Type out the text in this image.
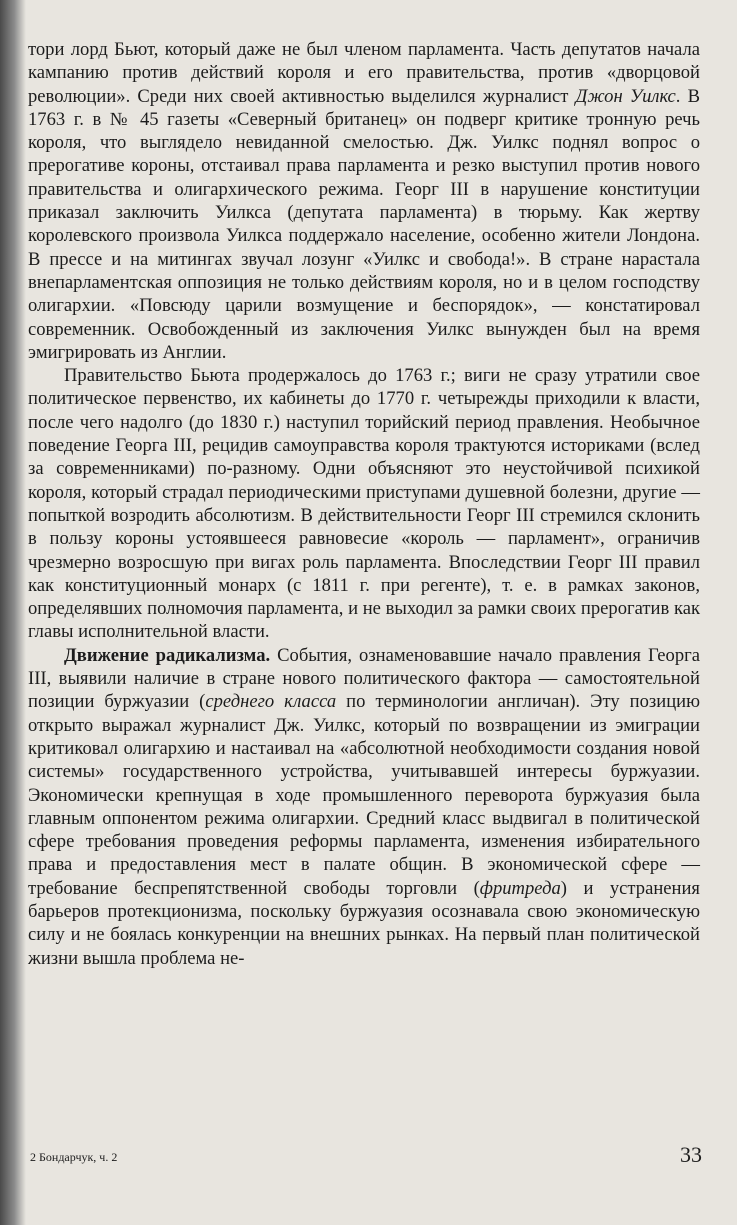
тори лорд Бьют, который даже не был членом парламента. Часть депутатов начала кампанию против действий короля и его правительства, против «дворцовой революции». Среди них своей активностью выделился журналист Джон Уилкс. В 1763 г. в № 45 газеты «Северный британец» он подверг критике тронную речь короля, что выглядело невиданной смелостью. Дж. Уилкс поднял вопрос о прерогативе короны, отстаивал права парламента и резко выступил против нового правительства и олигархического режима. Георг III в нарушение конституции приказал заключить Уилкса (депутата парламента) в тюрьму. Как жертву королевского произвола Уилкса поддержало население, особенно жители Лондона. В прессе и на митингах звучал лозунг «Уилкс и свобода!». В стране нарастала внепарламентская оппозиция не только действиям короля, но и в целом господству олигархии. «Повсюду царили возмущение и беспорядок», — констатировал современник. Освобожденный из заключения Уилкс вынужден был на время эмигрировать из Англии.

Правительство Бьюта продержалось до 1763 г.; виги не сразу утратили свое политическое первенство, их кабинеты до 1770 г. четырежды приходили к власти, после чего надолго (до 1830 г.) наступил торийский период правления. Необычное поведение Георга III, рецидив самоуправства короля трактуются историками (вслед за современниками) по-разному. Одни объясняют это неустойчивой психикой короля, который страдал периодическими приступами душевной болезни, другие — попыткой возродить абсолютизм. В действительности Георг III стремился склонить в пользу короны устоявшееся равновесие «король — парламент», ограничив чрезмерно возросшую при вигах роль парламента. Впоследствии Георг III правил как конституционный монарх (с 1811 г. при регенте), т. е. в рамках законов, определявших полномочия парламента, и не выходил за рамки своих прерогатив как главы исполнительной власти.

Движение радикализма. События, ознаменовавшие начало правления Георга III, выявили наличие в стране нового политического фактора — самостоятельной позиции буржуазии (среднего класса по терминологии англичан). Эту позицию открыто выражал журналист Дж. Уилкс, который по возвращении из эмиграции критиковал олигархию и настаивал на «абсолютной необходимости создания новой системы» государственного устройства, учитывавшей интересы буржуазии. Экономически крепнущая в ходе промышленного переворота буржуазия была главным оппонентом режима олигархии. Средний класс выдвигал в политической сфере требования проведения реформы парламента, изменения избирательного права и предоставления мест в палате общин. В экономической сфере — требование беспрепятственной свободы торговли (фритреда) и устранения барьеров протекционизма, поскольку буржуазия осознавала свою экономическую силу и не боялась конкуренции на внешних рынках. На первый план политической жизни вышла проблема не-

2 Бондарчук, ч. 2	33
